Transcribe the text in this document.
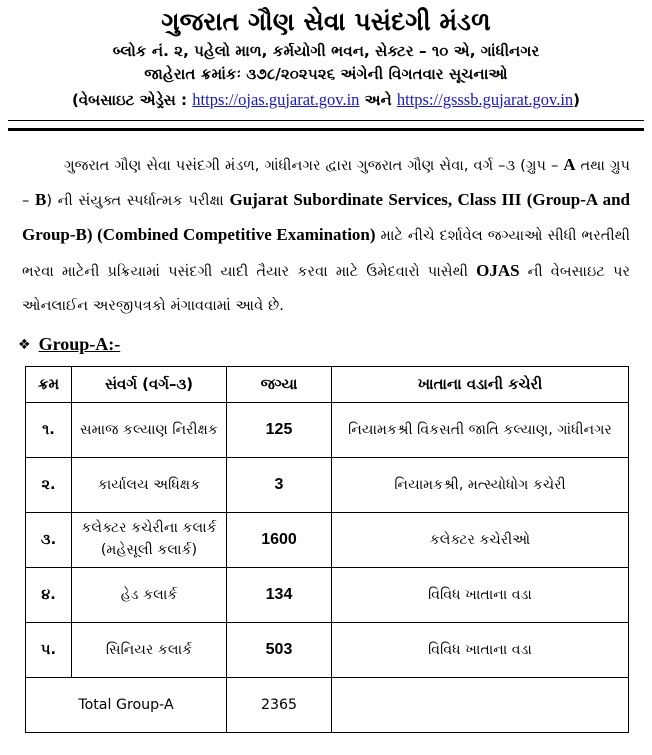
ગુજરાત ગૌણ સેવા પસંદગી મંડળ
બ્લોક નં. ૨, પહેલો માળ, કર્મયોગી ભવન, સેક્ટર – ૧૦ એ, ગાંધીનગર
જાહેરાત ક્રમાંકઃ ૩૭૮/૨૦૨૫૨૬ અંગેની વિગતવાર સૂચનાઓ
(વેબસાઇટ એડ્રેસ : https://ojas.gujarat.gov.in અને https://gsssb.gujarat.gov.in)

ગુજરાત ગૌણ સેવા પસંદગી મંડળ, ગાંધીનગર દ્વારા ગુજરાત ગૌણ સેવા, વર્ગ –૩ (ગ્રુપ – A તથા ગ્રુપ – B) ની સંયુક્ત સ્પર્ધાત્મક પરીક્ષા Gujarat Subordinate Services, Class III (Group-A and Group-B) (Combined Competitive Examination) માટે નીચે દર્શાવેલ જગ્યાઓ સીધી ભરતીથી ભરવા માટેની પ્રક્રિયામાં પસંદગી યાદી તૈયાર કરવા માટે ઉમેદવારો પાસેથી OJAS ની વેબસાઇટ પર ઓનલાઈન અરજીપત્રકો મંગાવવામાં આવે છે.

❖ Group-A:-
ક્રમ	સંવર્ગ (વર્ગ–૩)	જગ્યા	ખાતાના વડાની કચેરી
૧.	સમાજ કલ્યાણ નિરીક્ષક	125	નિયામકશ્રી વિકસતી જાતિ કલ્યાણ, ગાંધીનગર
૨.	કાર્યાલય અધિક્ષક	3	નિયામકશ્રી, મત્સ્યોધોગ કચેરી
૩.	કલેક્ટર કચેરીના કલાર્ક
(મહેસૂલી કલાર્ક)	1600	કલેક્ટર કચેરીઓ
૪.	હેડ કલાર્ક	134	વિવિધ ખાતાના વડા
૫.	સિનિયર કલાર્ક	503	વિવિધ ખાતાના વડા
Total Group-A		2365	
